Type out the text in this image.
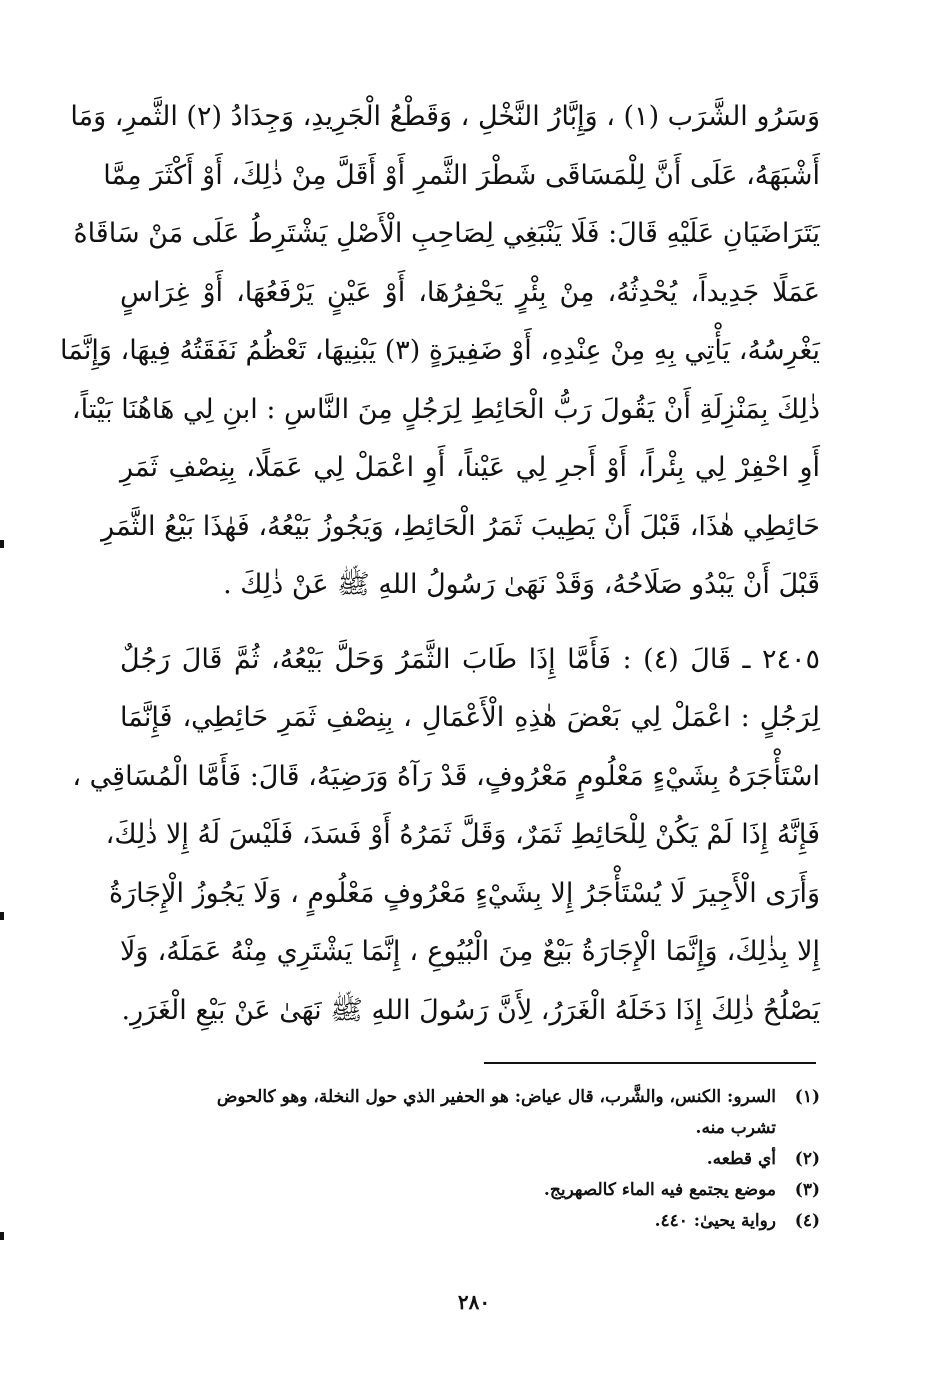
وَسَرُو الشَّرَب (١) ، وَإِبَّارُ النَّخْلِ ، وَقَطْعُ الْجَرِيدِ، وَجِدَادُ (٢) الثَّمرِ، وَمَا
أَشْبَهَهُ، عَلَى أَنَّ لِلْمَسَاقَى شَطْرَ الثَّمرِ أَوْ أَقَلَّ مِنْ ذٰلِكَ، أَوْ أَكْثَرَ مِمَّا
يَتَرَاضَيَانِ عَلَيْهِ قَالَ: فَلَا يَنْبَغِي لِصَاحِبِ الْأَصْلِ يَشْتَرِطُ عَلَى مَنْ سَاقَاهُ
عَمَلًا جَدِيداً، يُحْدِثُهُ، مِنْ بِئْرٍ يَحْفِرُهَا، أَوْ عَيْنٍ يَرْفَعُهَا، أَوْ غِرَاسٍ
يَغْرِسُهُ، يَأْتِي بِهِ مِنْ عِنْدِهِ، أَوْ ضَفِيرَةٍ (٣) يَبْنِيهَا، تَعْظُمُ نَفَقَتُهُ فِيهَا، وَإِنَّمَا
ذٰلِكَ بِمَنْزِلَةِ أَنْ يَقُولَ رَبُّ الْحَائِطِ لِرَجُلٍ مِنَ النَّاسِ : ابنِ لِي هَاهُنَا بَيْتاً،
أَوِ احْفِرْ لِي بِئْراً، أَوْ أَجرِ لِي عَيْناً، أَوِ اعْمَلْ لِي عَمَلًا، بِنِصْفِ ثَمَرِ
حَائِطِي هٰذَا، قَبْلَ أَنْ يَطِيبَ ثَمَرُ الْحَائِطِ، وَيَجُوزُ بَيْعُهُ، فَهٰذَا بَيْعُ الثَّمَرِ
قَبْلَ أَنْ يَبْدُو صَلَاحُهُ، وَقَدْ نَهَىٰ رَسُولُ اللهِ ﷺ عَنْ ذٰلِكَ .
٢٤٠٥ ـ قَالَ (٤) : فَأَمَّا إِذَا طَابَ الثَّمَرُ وَحَلَّ بَيْعُهُ، ثُمَّ قَالَ رَجُلٌ
لِرَجُلٍ : اعْمَلْ لِي بَعْضَ هٰذِهِ الْأَعْمَالِ ، بِنِصْفِ ثَمَرِ حَائِطِي، فَإِنَّمَا
اسْتَأْجَرَهُ بِشَيْءٍ مَعْلُومٍ مَعْرُوفٍ، قَدْ رَآهُ وَرَضِيَهُ، قَالَ: فَأَمَّا الْمُسَاقِي ،
فَإِنَّهُ إِذَا لَمْ يَكُنْ لِلْحَائِطِ ثَمَرٌ، وَقَلَّ ثَمَرُهُ أَوْ فَسَدَ، فَلَيْسَ لَهُ إِلا ذٰلِكَ،
وَأَرَى الْأَجِيرَ لَا يُسْتَأْجَرُ إِلا بِشَيْءٍ مَعْرُوفٍ مَعْلُومٍ ، وَلَا يَجُوزُ الْإِجَارَةُ
إِلا بِذٰلِكَ، وَإِنَّمَا الْإِجَارَةُ بَيْعٌ مِنَ الْبُيُوعِ ، إِنَّمَا يَشْتَرِي مِنْهُ عَمَلَهُ، وَلَا
يَصْلُحُ ذٰلِكَ إِذَا دَخَلَهُ الْغَرَرُ، لِأَنَّ رَسُولَ اللهِ ﷺ نَهَىٰ عَنْ بَيْعِ الْغَرَرِ.
(١)
السرو: الكنس، والشَّرب، قال عياض: هو الحفير الذي حول النخلة، وهو كالحوض
تشرب منه.
(٢)
أي قطعه.
(٣)
موضع يجتمع فيه الماء كالصهريج.
(٤)
رواية يحيىٰ: ٤٤٠.
٢٨٠
